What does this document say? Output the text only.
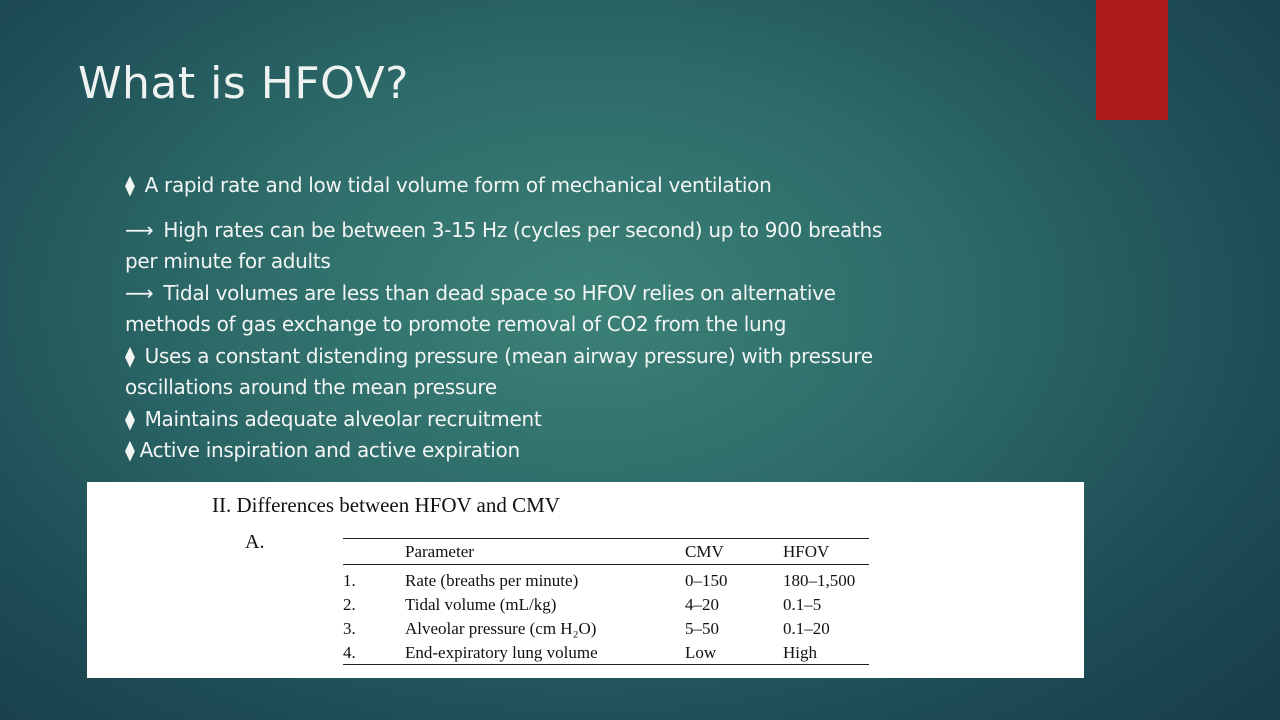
What is HFOV?
⧫ A rapid rate and low tidal volume form of mechanical ventilation
⟶ High rates can be between 3-15 Hz (cycles per second) up to 900 breaths
per minute for adults
⟶ Tidal volumes are less than dead space so HFOV relies on alternative
methods of gas exchange to promote removal of CO2 from the lung
⧫ Uses a constant distending pressure (mean airway pressure) with pressure
oscillations around the mean pressure
⧫ Maintains adequate alveolar recruitment
⧫ Active inspiration and active expiration
II. Differences between HFOV and CMV
A.
		Parameter	CMV	HFOV
1.	Rate (breaths per minute)	0–150	180–1,500
2.	Tidal volume (mL/kg)	4–20	0.1–5
3.	Alveolar pressure (cm H₂O)	5–50	0.1–20
4.	End-expiratory lung volume	Low	High
